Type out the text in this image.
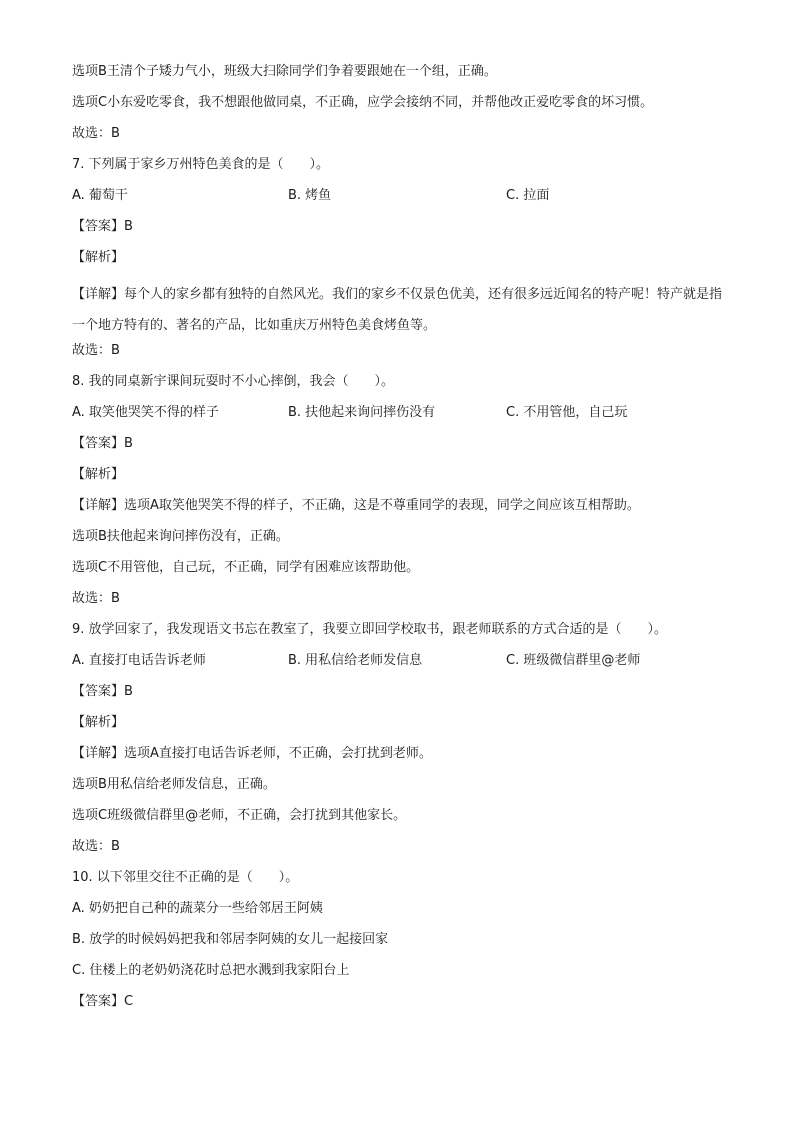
选项B王清个子矮力气小，班级大扫除同学们争着要跟她在一个组，正确。
选项C小东爱吃零食，我不想跟他做同桌，不正确，应学会接纳不同，并帮他改正爱吃零食的坏习惯。
故选：B
7. 下列属于家乡万州特色美食的是（　　）。
A. 葡萄干	B. 烤鱼	C. 拉面
【答案】B
【解析】
【详解】每个人的家乡都有独特的自然风光。我们的家乡不仅景色优美，还有很多远近闻名的特产呢！特产就是指一个地方特有的、著名的产品，比如重庆万州特色美食烤鱼等。
故选：B
8. 我的同桌新宇课间玩耍时不小心摔倒，我会（　　）。
A. 取笑他哭笑不得的样子	B. 扶他起来询问摔伤没有	C. 不用管他，自己玩
【答案】B
【解析】
【详解】选项A取笑他哭笑不得的样子，不正确，这是不尊重同学的表现，同学之间应该互相帮助。
选项B扶他起来询问摔伤没有，正确。
选项C不用管他，自己玩，不正确，同学有困难应该帮助他。
故选：B
9. 放学回家了，我发现语文书忘在教室了，我要立即回学校取书，跟老师联系的方式合适的是（　　）。
A. 直接打电话告诉老师	B. 用私信给老师发信息	C. 班级微信群里@老师
【答案】B
【解析】
【详解】选项A直接打电话告诉老师，不正确，会打扰到老师。
选项B用私信给老师发信息，正确。
选项C班级微信群里@老师，不正确，会打扰到其他家长。
故选：B
10. 以下邻里交往不正确的是（　　）。
A. 奶奶把自己种的蔬菜分一些给邻居王阿姨
B. 放学的时候妈妈把我和邻居李阿姨的女儿一起接回家
C. 住楼上的老奶奶浇花时总把水溅到我家阳台上
【答案】C
